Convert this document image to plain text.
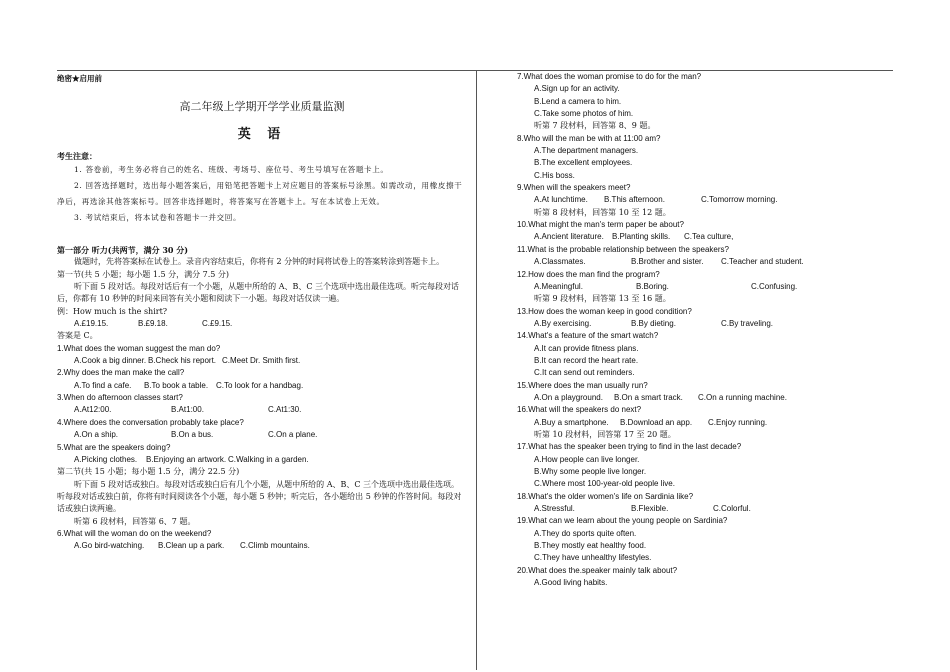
绝密★启用前
高二年级上学期开学学业质量监测
英 语
考生注意：
1. 答卷前，考生务必将自己的姓名、班级、考场号、座位号、考生号填写在答题卡上。
2. 回答选择题时，选出每小题答案后，用铅笔把答题卡上对应题目的答案标号涂黑。如需改动，用橡皮擦干净后，再选涂其他答案标号。回答非选择题时，将答案写在答题卡上。写在本试卷上无效。
3. 考试结束后，将本试卷和答题卡一并交回。
第一部分 听力(共两节，满分 30 分)
做题时，先将答案标在试卷上。录音内容结束后，你将有 2 分钟的时间将试卷上的答案转涂到答题卡上。
第一节(共 5 小题；每小题 1.5 分，满分 7.5 分)
听下面 5 段对话。每段对话后有一个小题，从题中所给的 A、B、C 三个选项中选出最佳选项。听完每段对话后，你都有 10 秒钟的时间来回答有关小题和阅读下一小题。每段对话仅读一遍。
例：How much is the shirt?
A.£19.15.	B.£9.18.	C.£9.15.
答案是 C。
1.What does the woman suggest the man do?
A.Cook a big dinner. B.Check his report. C.Meet Dr. Smith first.
2.Why does the man make the call?
A.To find a cafe. B.To book a table. C.To look for a handbag.
3.When do afternoon classes start?
A.At12:00.	B.At1:00.	C.At1:30.
4.Where does the conversation probably take place?
A.On a ship.	B.On a bus.	C.On a plane.
5.What are the speakers doing?
A.Picking clothes. B.Enjoying an artwork. C.Walking in a garden.
第二节(共 15 小题；每小题 1.5 分，满分 22.5 分)
听下面 5 段对话或独白。每段对话或独白后有几个小题，从题中所给的 A、B、C 三个选项中选出最佳选项。听每段对话或独白前，你将有时间阅读各个小题，每小题 5 秒钟；听完后，各小题给出 5 秒钟的作答时间。每段对话或独白读两遍。
听第 6 段材料，回答第 6、7 题。
6.What will the woman do on the weekend?
A.Go bird-watching. B.Clean up a park. C.Climb mountains.
7.What does the woman promise to do for the man?
A.Sign up for an activity.
B.Lend a camera to him.
C.Take some photos of him.
听第 7 段材料，回答第 8、9 题。
8.Who will the man be with at 11:00 am?
A.The department managers.
B.The excellent employees.
C.His boss.
9.When will the speakers meet?
A.At lunchtime. B.This afternoon.	C.Tomorrow morning.
听第 8 段材料，回答第 10 至 12 题。
10.What might the man's term paper be about?
A.Ancient literature. B.Planting skills. C.Tea culture,
11.What is the probable relationship between the speakers?
A.Classmates.	B.Brother and sister. C.Teacher and student.
12.How does the man find the program?
A.Meaningful.	B.Boring.	C.Confusing.
听第 9 段材料，回答第 13 至 16 题。
13.How does the woman keep in good condition?
A.By exercising.	B.By dieting.	C.By traveling.
14.What's a feature of the smart watch?
A.It can provide fitness plans.
B.It can record the heart rate.
C.It can send out reminders.
15.Where does the man usually run?
A.On a playground. B.On a smart track. C.On a running machine.
16.What will the speakers do next?
A.Buy a smartphone. B.Download an app. C.Enjoy running.
听第 10 段材料，回答第 17 至 20 题。
17.What has the speaker been trying to find in the last decade?
A.How people can live longer.
B.Why some people live longer.
C.Where most 100-year-old people live.
18.What's the older women's life on Sardinia like?
A.Stressful.	B.Flexible.	C.Colorful.
19.What can we learn about the young people on Sardinia?
A.They do sports quite often.
B.They mostly eat healthy food.
C.They have unhealthy lifestyles.
20.What does the.speaker mainly talk about?
A.Good living habits.
